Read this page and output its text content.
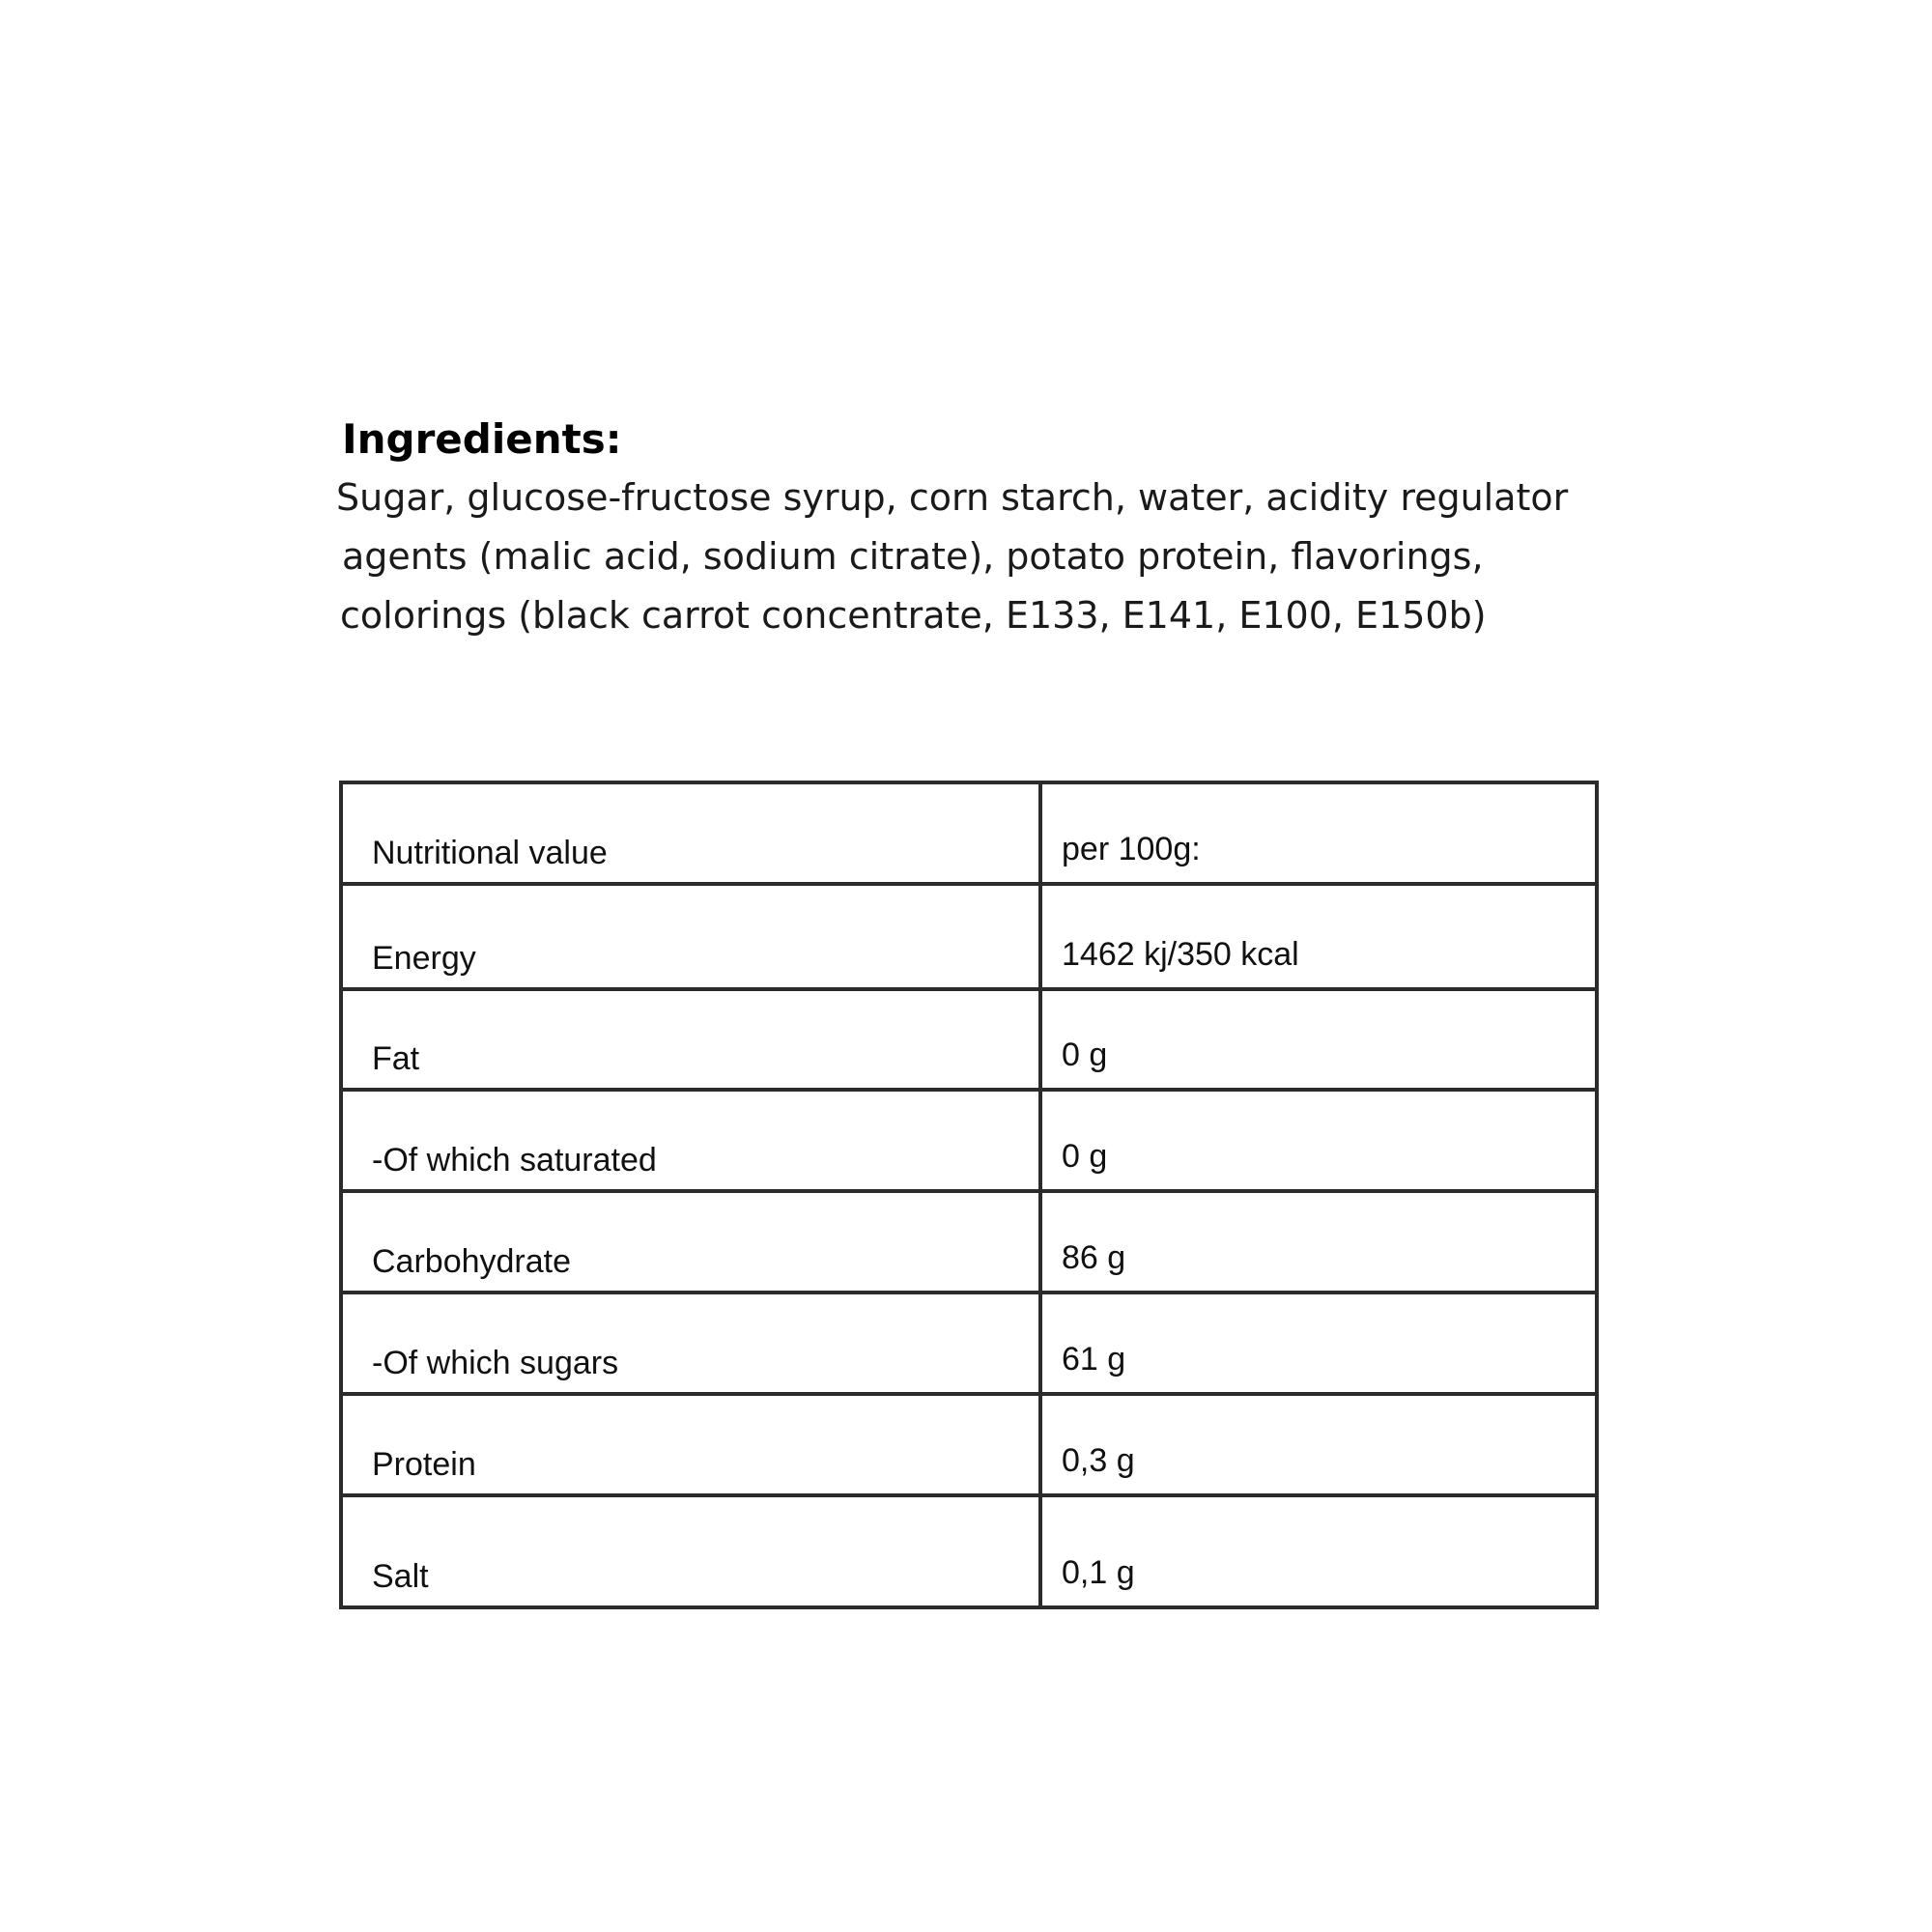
Ingredients:

Sugar, glucose-fructose syrup, corn starch, water, acidity regulator

agents (malic acid, sodium citrate), potato protein, flavorings,

colorings (black carrot concentrate, E133, E141, E100, E150b)

Nutritional value	per 100g:
Energy	1462 kj/350 kcal
Fat	0 g
-Of which saturated	0 g
Carbohydrate	86 g
-Of which sugars	61 g
Protein	0,3 g
Salt	0,1 g
